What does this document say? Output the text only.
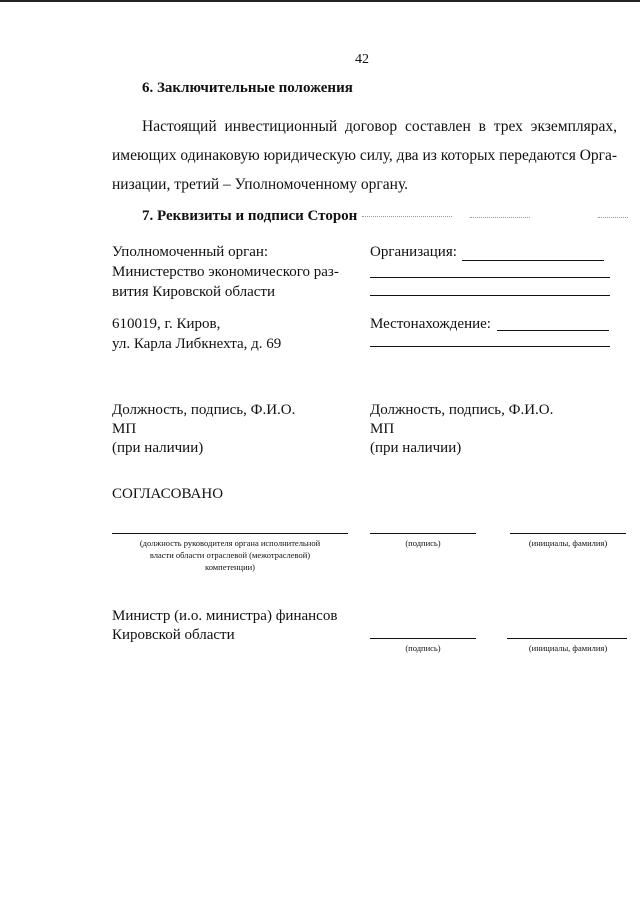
42
6. Заключительные положения
Настоящий инвестиционный договор составлен в трех экземплярах,
имеющих одинаковую юридическую силу, два из которых передаются Орга-
низации, третий – Уполномоченному органу.
7. Реквизиты и подписи Сторон
Уполномоченный орган:
Министерство экономического раз-
вития Кировской области
610019, г. Киров,
ул. Карла Либкнехта, д. 69
Должность, подпись, Ф.И.О.
МП
(при наличии)
Организация:
Местонахождение:
Должность, подпись, Ф.И.О.
МП
(при наличии)
СОГЛАСОВАНО
(должность руководителя органа исполнительной
власти области отраслевой (межотраслевой)
компетенции)
(подпись)	(инициалы, фамилия)
Министр (и.о. министра) финансов
Кировской области
(подпись)	(инициалы, фамилия)
